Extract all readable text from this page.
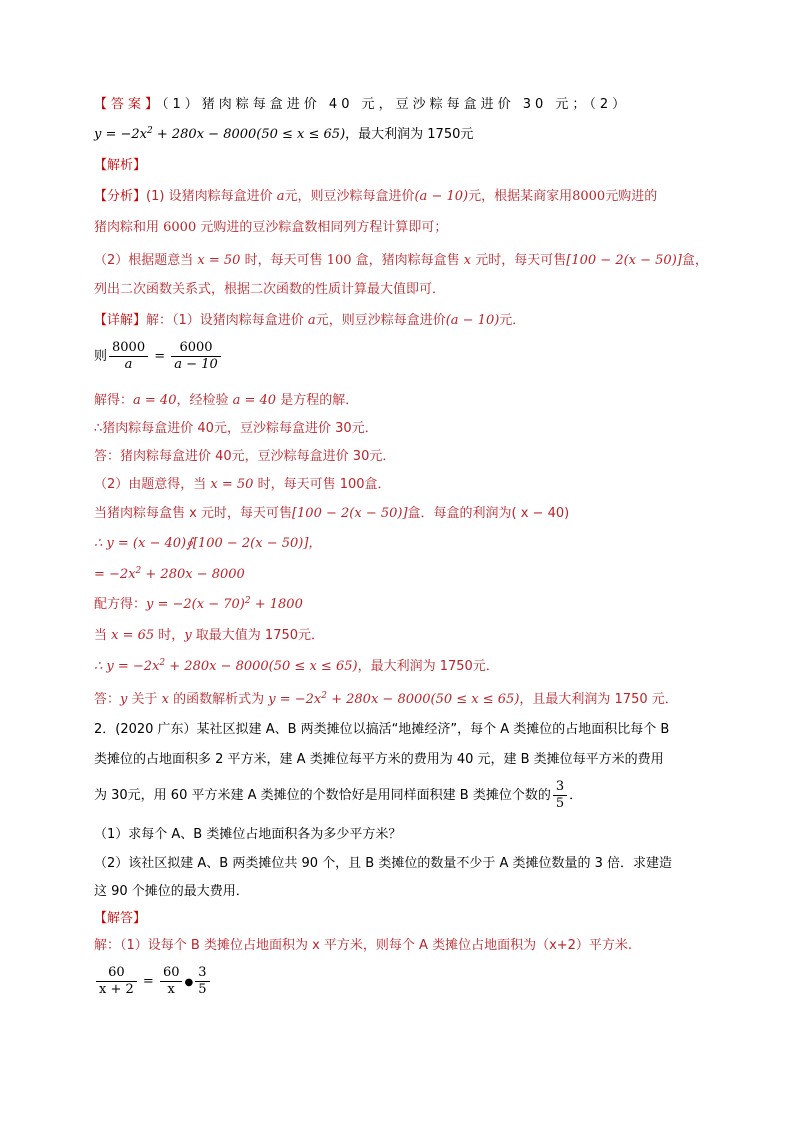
【答案】（1）猪肉粽每盒进价 40 元，豆沙粽每盒进价 30 元；（2）
$y = -2x^2 + 280x - 8000(50 \le x \le 65)$，最大利润为 1750元
【解析】
【分析】(1) 设猪肉粽每盒进价 a元，则豆沙粽每盒进价(a − 10)元，根据某商家用8000元购进的
猪肉粽和用 6000 元购进的豆沙粽盒数相同列方程计算即可；
（2）根据题意当 x = 50 时，每天可售 100 盒，猪肉粽每盒售 x 元时，每天可售[100 − 2(x − 50)]盒，
列出二次函数关系式，根据二次函数的性质计算最大值即可．
【详解】解：（1）设猪肉粽每盒进价 a元，则豆沙粽每盒进价(a − 10)元．
则 $\frac{8000}{a} = \frac{6000}{a - 10}$
解得：a = 40，经检验 a = 40 是方程的解．
∴猪肉粽每盒进价 40元，豆沙粽每盒进价 30元．
答：猪肉粽每盒进价 40元，豆沙粽每盒进价 30元．
（2）由题意得，当 x = 50 时，每天可售 100盒．
当猪肉粽每盒售 x 元时，每天可售[100 − 2(x − 50)]盒．每盒的利润为( x − 40)
∴ y = (x − 40)∮[100 − 2(x − 50)]，
= $-2x^2 + 280x - 8000$
配方得：$y = -2(x - 70)^2 + 1800$
当 x = 65 时，y 取最大值为 1750元．
∴ $y = -2x^2 + 280x - 8000(50 \le x \le 65)$，最大利润为 1750元．
答：y 关于 x 的函数解析式为 $y = -2x^2 + 280x - 8000(50 \le x \le 65)$，且最大利润为 1750 元．
2．(2020 广东）某社区拟建 A、B 两类摊位以搞活“地摊经济”，每个 A 类摊位的占地面积比每个 B
类摊位的占地面积多 2 平方米，建 A 类摊位每平方米的费用为 40 元，建 B 类摊位每平方米的费用
为 30元，用 60 平方米建 A 类摊位的个数恰好是用同样面积建 B 类摊位个数的 $\frac{3}{5}$ ．
（1）求每个 A、B 类摊位占地面积各为多少平方米？
（2）该社区拟建 A、B 两类摊位共 90 个，且 B 类摊位的数量不少于 A 类摊位数量的 3 倍．求建造
这 90 个摊位的最大费用．
【解答】
解：（1）设每个 B 类摊位占地面积为 x 平方米，则每个 A 类摊位占地面积为（x+2）平方米.
$\frac{60}{x + 2} = \frac{60}{x}$ ● $\frac{3}{5}$
